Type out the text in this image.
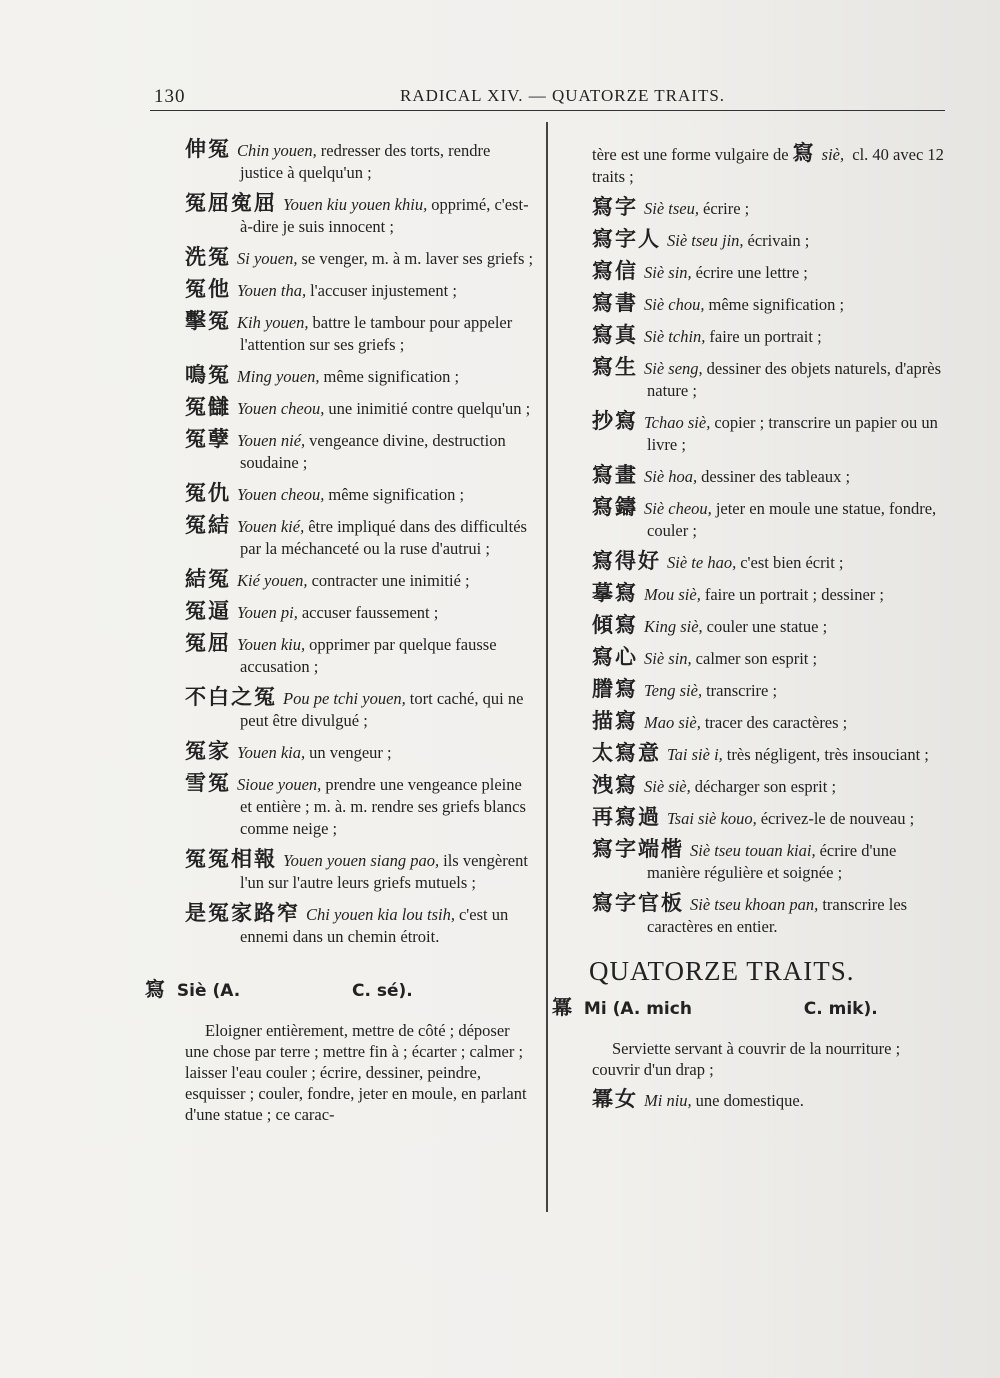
130	RADICAL XIV. — QUATORZE TRAITS.

伸冤 Chin youen, redresser des torts, rendre justice à quelqu'un ;

冤屈寃屈 Youen kiu youen khiu, opprimé, c'est-à-dire je suis innocent ;

洗冤 Si youen, se venger, m. à m. laver ses griefs ;

冤他 Youen tha, l'accuser injustement ;

擊冤 Kih youen, battre le tambour pour appeler l'attention sur ses griefs ;

鳴冤 Ming youen, même signification ;

冤讎 Youen cheou, une inimitié contre quelqu'un ;

冤孽 Youen nié, vengeance divine, destruction soudaine ;

冤仇 Youen cheou, même signification ;

冤結 Youen kié, être impliqué dans des difficultés par la méchanceté ou la ruse d'autrui ;

結冤 Kié youen, contracter une inimitié ;

冤逼 Youen pi, accuser faussement ;

冤屈 Youen kiu, opprimer par quelque fausse accusation ;

不白之冤 Pou pe tchi youen, tort caché, qui ne peut être divulgué ;

冤家 Youen kia, un vengeur ;

雪冤 Sioue youen, prendre une vengeance pleine et entière ; m. à. m. rendre ses griefs blancs comme neige ;

冤冤相報 Youen youen siang pao, ils vengèrent l'un sur l'autre leurs griefs mutuels ;

是冤家路窄 Chi youen kia lou tsih, c'est un ennemi dans un chemin étroit.

寫 Siè (A.	C. sé).

Eloigner entièrement, mettre de côté ; déposer une chose par terre ; mettre fin à ; écarter ; calmer ; laisser l'eau couler ; écrire, dessiner, peindre, esquisser ; couler, fondre, jeter en moule, en parlant d'une statue ; ce carac-

tère est une forme vulgaire de 寫 siè, cl. 40 avec 12 traits ;

寫字 Siè tseu, écrire ;

寫字人 Siè tseu jin, écrivain ;

寫信 Siè sin, écrire une lettre ;

寫書 Siè chou, même signification ;

寫真 Siè tchin, faire un portrait ;

寫生 Siè seng, dessiner des objets naturels, d'après nature ;

抄寫 Tchao siè, copier ; transcrire un papier ou un livre ;

寫畫 Siè hoa, dessiner des tableaux ;

寫鑄 Siè cheou, jeter en moule une statue, fondre, couler ;

寫得好 Siè te hao, c'est bien écrit ;

摹寫 Mou siè, faire un portrait ; dessiner ;

傾寫 King siè, couler une statue ;

寫心 Siè sin, calmer son esprit ;

謄寫 Teng siè, transcrire ;

描寫 Mao siè, tracer des caractères ;

太寫意 Tai siè i, très négligent, très insouciant ;

洩寫 Siè siè, décharger son esprit ;

再寫過 Tsai siè kouo, écrivez-le de nouveau ;

寫字端楷 Siè tseu touan kiai, écrire d'une manière régulière et soignée ;

寫字官板 Siè tseu khoan pan, transcrire les caractères en entier.

QUATORZE TRAITS.
冪 Mi (A. mich	C. mik).

Serviette servant à couvrir de la nourriture ; couvrir d'un drap ;

冪女 Mi niu, une domestique.
